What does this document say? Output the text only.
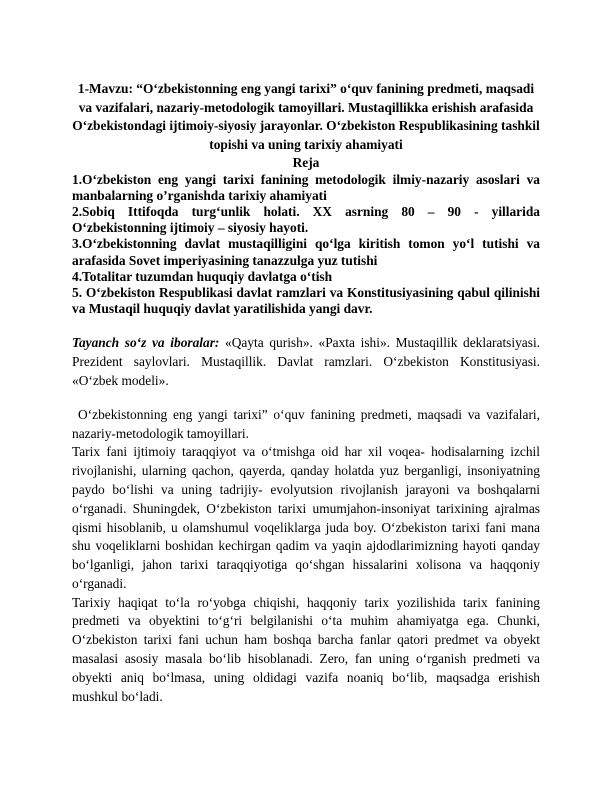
1-Mavzu: “O‘zbekistonning eng yangi tarixi” o‘quv fanining predmeti, maqsadi va vazifalari, nazariy-metodologik tamoyillari. Mustaqillikka erishish arafasida O‘zbekistondagi ijtimoiy-siyosiy jarayonlar. O‘zbekiston Respublikasining tashkil topishi va uning tarixiy ahamiyati

Reja

1.O‘zbekiston eng yangi tarixi fanining metodologik ilmiy-nazariy asoslari va manbalarning o’rganishda tarixiy ahamiyati
2.Sobiq Ittifoqda turg‘unlik holati. XX asrning 80 – 90 - yillarida O‘zbekistonning ijtimoiy – siyosiy hayoti.
3.O‘zbekistonning davlat mustaqilligini qo‘lga kiritish tomon yo‘l tutishi va arafasida Sovet imperiyasining tanazzulga yuz tutishi
4.Totalitar tuzumdan huquqiy davlatga o‘tish
5. O‘zbekiston Respublikasi davlat ramzlari va Konstitusiyasining qabul qilinishi va Mustaqil huquqiy davlat yaratilishida yangi davr.

Tayanch so‘z va iboralar: «Qayta qurish». «Paxta ishi». Mustaqillik deklaratsiyasi. Prezident saylovlari. Mustaqillik. Davlat ramzlari. O‘zbekiston Konstitusiyasi. «O‘zbek modeli».

O‘zbekistonning eng yangi tarixi” o‘quv fanining predmeti, maqsadi va vazifalari, nazariy-metodologik tamoyillari.

Tarix fani ijtimoiy taraqqiyot va o‘tmishga oid har xil voqea- hodisalarning izchil rivojlanishi, ularning qachon, qayerda, qanday holatda yuz berganligi, insoniyatning paydo bo‘lishi va uning tadrijiy- evolyutsion rivojlanish jarayoni va boshqalarni o‘rganadi. Shuningdek, O‘zbekiston tarixi umumjahon-insoniyat tarixining ajralmas qismi hisoblanib, u olamshumul voqeliklarga juda boy. O‘zbekiston tarixi fani mana shu voqeliklarni boshidan kechirgan qadim va yaqin ajdodlarimizning hayoti qanday bo‘lganligi, jahon tarixi taraqqiyotiga qo‘shgan hissalarini xolisona va haqqoniy o‘rganadi.

Tarixiy haqiqat to‘la ro‘yobga chiqishi, haqqoniy tarix yozilishida tarix fanining predmeti va obyektini to‘g‘ri belgilanishi o‘ta muhim ahamiyatga ega. Chunki, O‘zbekiston tarixi fani uchun ham boshqa barcha fanlar qatori predmet va obyekt masalasi asosiy masala bo‘lib hisoblanadi. Zero, fan uning o‘rganish predmeti va obyekti aniq bo‘lmasa, uning oldidagi vazifa noaniq bo‘lib, maqsadga erishish mushkul bo‘ladi.
